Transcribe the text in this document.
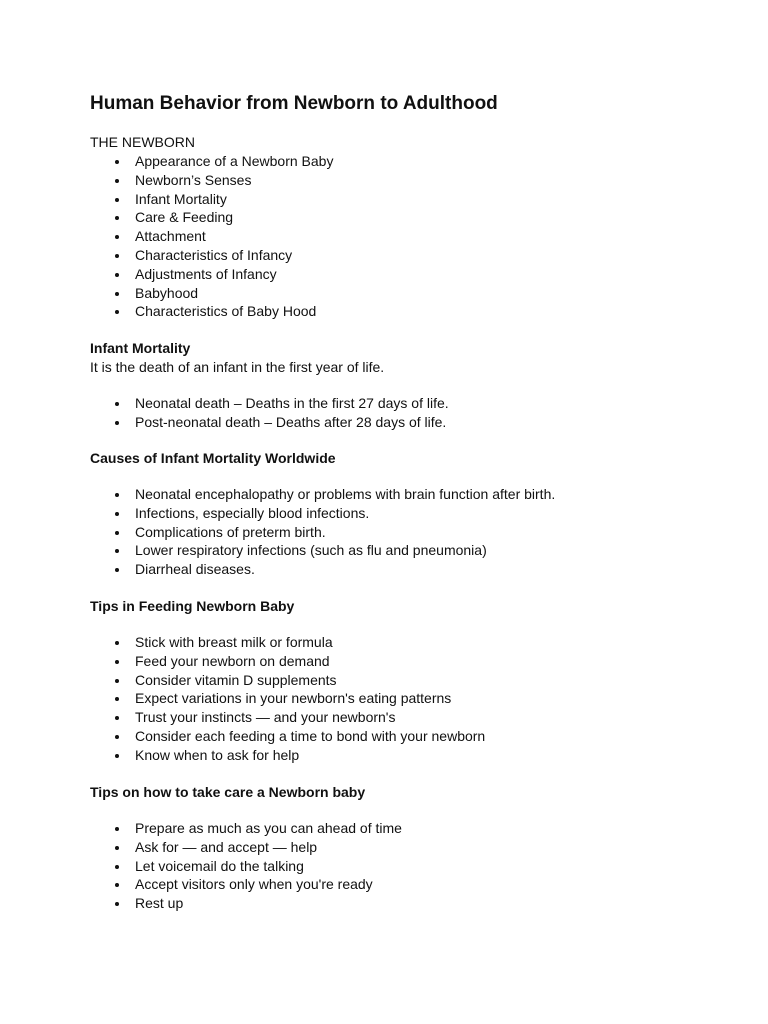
Human Behavior from Newborn to Adulthood
THE NEWBORN
Appearance of a Newborn Baby
Newborn’s Senses
Infant Mortality
Care & Feeding
Attachment
Characteristics of Infancy
Adjustments of Infancy
Babyhood
Characteristics of Baby Hood
Infant Mortality
It is the death of an infant in the first year of life.
Neonatal death – Deaths in the first 27 days of life.
Post-neonatal death – Deaths after 28 days of life.
Causes of Infant Mortality Worldwide
Neonatal encephalopathy or problems with brain function after birth.
Infections, especially blood infections.
Complications of preterm birth.
Lower respiratory infections (such as flu and pneumonia)
Diarrheal diseases.
Tips in Feeding Newborn Baby
Stick with breast milk or formula
Feed your newborn on demand
Consider vitamin D supplements
Expect variations in your newborn's eating patterns
Trust your instincts — and your newborn's
Consider each feeding a time to bond with your newborn
Know when to ask for help
Tips on how to take care a Newborn baby
Prepare as much as you can ahead of time
Ask for — and accept — help
Let voicemail do the talking
Accept visitors only when you're ready
Rest up
